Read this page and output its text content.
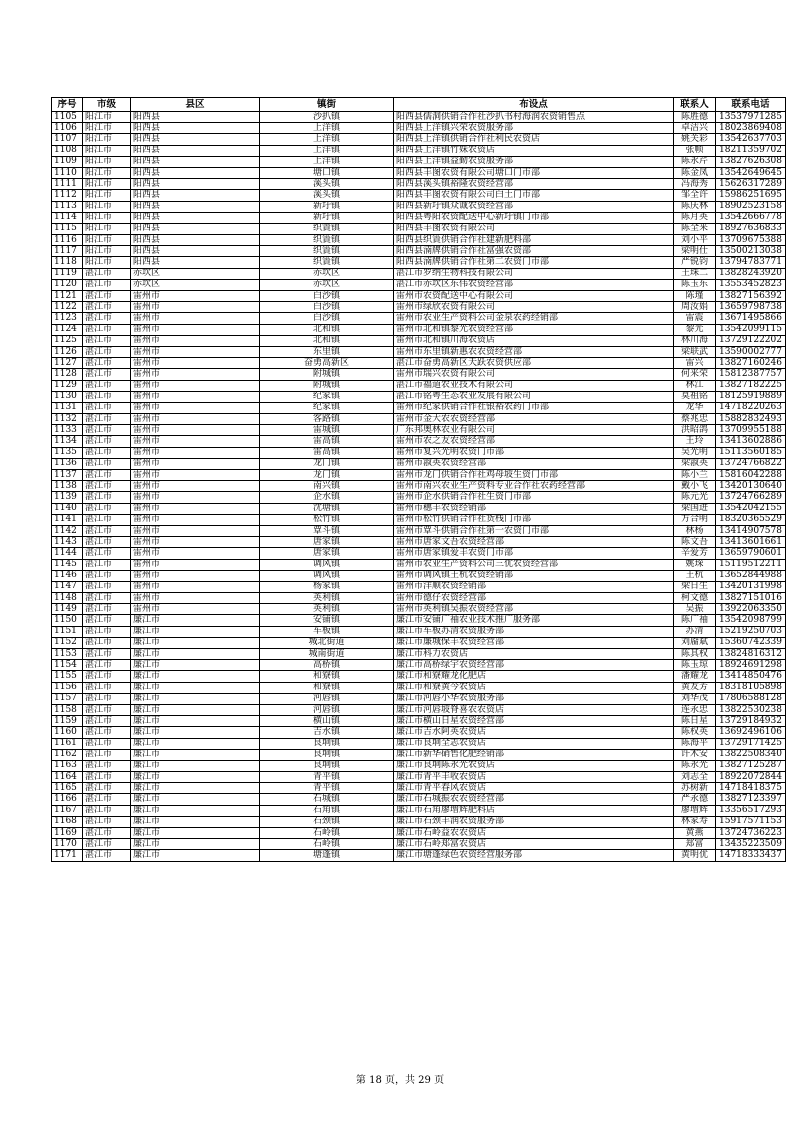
序号	市级	县区	镇街	布设点	联系人	联系电话
1105	阳江市	阳西县	沙扒镇	阳西县儒洞供销合作社沙扒书村海润农资销售点	陈胜德	13537971285
1106	阳江市	阳西县	上洋镇	阳西县上洋镇兴荣农资服务部	卓洁兴	18023869408
1107	阳江市	阳西县	上洋镇	阳西县上洋镇供销合作社利民农资店	姚关彩	13542637703
1108	阳江市	阳西县	上洋镇	阳西县上洋镇竹妹农资店	张帧	18211359702
1109	阳江市	阳西县	上洋镇	阳西县上洋镇益勤农资服务部	陈永芹	13827626308
1110	阳江市	阳西县	塘口镇	阳西县丰图农资有限公司塘口门市部	陈金凤	13542649645
1111	阳江市	阳西县	溪头镇	阳西县溪头镇裕隆农资经营部	冯海秀	15626317289
1112	阳江市	阳西县	溪头镇	阳西县丰图农资有限公司白土门市部	邹全许	15986251695
1113	阳江市	阳西县	新圩镇	阳西县新圩镇众诚农资经营部	陈庆林	18902523158
1114	阳江市	阳西县	新圩镇	阳西县粤阳农资配送中心新圩镇门市部	陈月英	13542666778
1115	阳江市	阳西县	织篢镇	阳西县丰图农资有限公司	陈全来	18927636833
1116	阳江市	阳西县	织篢镇	阳西县织篢供销合作社建新肥料部	刘小平	13709675388
1117	阳江市	阳西县	织篢镇	阳西县湳牌供销合作社富强农资部	梁明仕	13500213038
1118	阳江市	阳西县	织篢镇	阳西县湳牌供销合作社第二农资门市部	严锐钧	13794783771
1119	湛江市	赤坎区	赤坎区	湛江市罗纳生物科技有限公司	王珠二	13828243920
1120	湛江市	赤坎区	赤坎区	湛江市赤坎区东伟农资经营部	陈玉东	13553452823
1121	湛江市	雷州市	白沙镇	雷州市农资配送中心有限公司	陈瑾	13827156392
1122	湛江市	雷州市	白沙镇	雷州市绿欣农资有限公司	周汝娟	13659798738
1123	湛江市	雷州市	白沙镇	雷州市农业生产资料公司金泉农药经销部	雷震	13671495866
1124	湛江市	雷州市	北和镇	雷州市北和镇黎光农资经营部	黎光	13542099115
1125	湛江市	雷州市	北和镇	雷州市北和镇川海农资店	林川海	13729122202
1126	湛江市	雷州市	东里镇	雷州市东里镇新惠农农资经营部	梁联武	13590002777
1127	湛江市	雷州市	奋勇高新区	湛江市奋勇高新区天跃农资供应部	雷兴	13827160246
1128	湛江市	雷州市	附城镇	雷州市瑞兴农资有限公司	何来荣	15812387757
1129	湛江市	雷州市	附城镇	湛江市福道农业技术有限公司	林江	13827182225
1130	湛江市	雷州市	纪家镇	湛江市铭粤生态农业发展有限公司	莫祖铭	18125919889
1131	湛江市	雷州市	纪家镇	雷州市纪家供销合作社银裕农药门市部	龙华	14718220263
1132	湛江市	雷州市	客路镇	雷州市金大农农资经营部	蔡兆忠	15882832493
1133	湛江市	雷州市	雷城镇	广东邦奥林农业有限公司	洪昭鸽	13709955188
1134	湛江市	雷州市	雷高镇	雷州市农之友农资经营部	王玲	13413602886
1135	湛江市	雷州市	雷高镇	雷州市复兴光明农资门市部	吴光明	15113560185
1136	湛江市	雷州市	龙门镇	雷州市淑英农资经营部	梁淑英	13724766822
1137	湛江市	雷州市	龙门镇	雷州市龙门供销合作社鸡母坡生资门市部	陈小兰	15816042288
1138	湛江市	雷州市	南兴镇	雷州市南兴农业生产资料专业合作社农药经营部	戴小飞	13420130640
1139	湛江市	雷州市	企水镇	雷州市企水供销合作社生资门市部	陈元光	13724766289
1140	湛江市	雷州市	沈塘镇	雷州市穗丰农资经销部	梁国进	13542042155
1141	湛江市	雷州市	松竹镇	雷州市松竹供销合作社货栈门市部	方合明	18320365529
1142	湛江市	雷州市	覃斗镇	雷州市覃斗供销合作社第一农资门市部	林杨	13414907578
1143	湛江市	雷州市	唐家镇	雷州市唐家文吾农资经营部	陈文吾	13413601661
1144	湛江市	雷州市	唐家镇	雷州市唐家镇爱丰农资门市部	辛爱芳	13659790601
1145	湛江市	雷州市	调风镇	雷州市农业生产资料公司三优农资经营部	姚琛	15119512211
1146	湛江市	雷州市	调风镇	雷州市调风镇王杭农资经销部	王杭	13652844988
1147	湛江市	雷州市	杨家镇	雷州市洋顺农资经销部	梁日生	13420131998
1148	湛江市	雷州市	英利镇	雷州市德仔农资经营部	柯文德	13827151016
1149	湛江市	雷州市	英利镇	雷州市英利镇吴振农资经营部	吴振	13922063350
1150	湛江市	廉江市	安铺镇	廉江市安铺广袖农业技术推广服务部	陈广袖	13542098799
1151	湛江市	廉江市	车板镇	廉江市车板苏清农资服务部	苏清	15219250703
1152	湛江市	廉江市	城北街道	廉江市廉城保丰农资经营部	刘靥斌	15360742339
1153	湛江市	廉江市	城南街道	廉江市科力农资店	陈其权	13824816312
1154	湛江市	廉江市	高桥镇	廉江市高桥绿宇农资经营部	陈玉琼	18924691298
1155	湛江市	廉江市	和寮镇	廉江市和寮耀龙化肥店	潘耀龙	13414850476
1156	湛江市	廉江市	和寮镇	廉江市和寮黄今农资店	黄友芳	18318105898
1157	湛江市	廉江市	河唇镇	廉江市河唇小华农资服务部	刘华茂	17806588128
1158	湛江市	廉江市	河唇镇	廉江市河唇坡脊喜农农资店	连永忠	13822530238
1159	湛江市	廉江市	横山镇	廉江市横山日星农资经营部	陈日星	13729184932
1160	湛江市	廉江市	吉水镇	廉江市吉水阿英农资店	陈权英	13692496106
1161	湛江市	廉江市	良垌镇	廉江市良垌全志农资店	陈海平	13729171425
1162	湛江市	廉江市	良垌镇	廉江市新华硝售化肥经销部	许术安	13822508340
1163	湛江市	廉江市	良垌镇	廉江市良垌陈永光农资店	陈永光	13827125287
1164	湛江市	廉江市	青平镇	廉江市青平丰收农资店	刘志全	18922072844
1165	湛江市	廉江市	青平镇	廉江市青平春风农资店	苏树新	14718418375
1166	湛江市	廉江市	石城镇	廉江市石城振农农资经营部	严永德	13827123397
1167	湛江市	廉江市	石角镇	廉江市石角廖增辉肥料店	廖增辉	13356517293
1168	湛江市	廉江市	石颈镇	廉江市石颈丰润农资服务部	林家寿	15917571153
1169	湛江市	廉江市	石岭镇	廉江市石岭益农农资店	黄燕	13724736223
1170	湛江市	廉江市	石岭镇	廉江市石岭郑富农资店	郑富	13435223509
1171	湛江市	廉江市	塘蓬镇	廉江市塘蓬绿色农资经营服务部	黄明优	14718333437
第 18 页，共 29 页
